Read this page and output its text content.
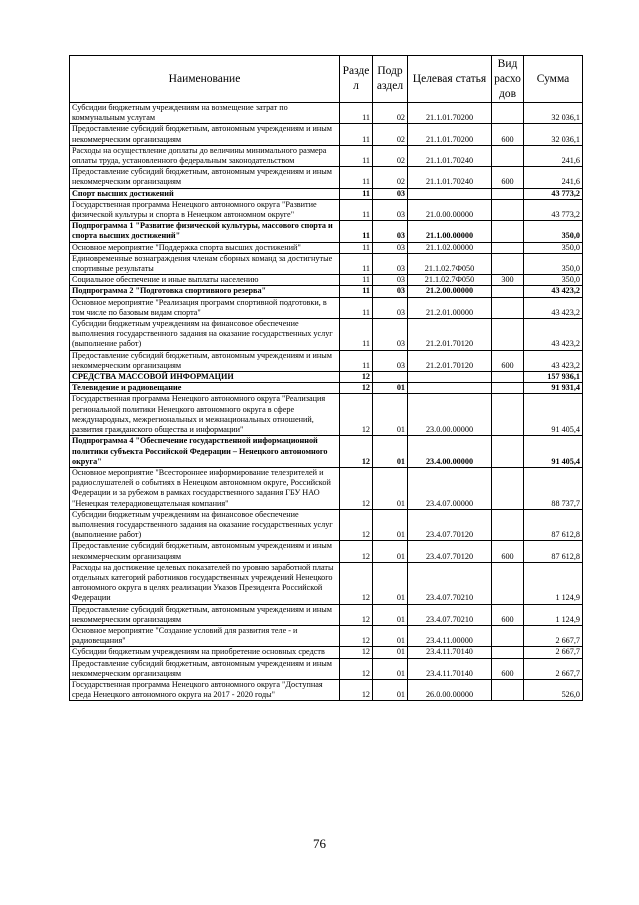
Наименование	Разде л	Подр аздел	Целевая статья	Вид расхо дов	Сумма
Субсидии бюджетным учреждениям на возмещение затрат по коммунальным услугам	11	02	21.1.01.70200		32 036,1
Предоставление субсидий бюджетным, автономным учреждениям и иным некоммерческим организациям	11	02	21.1.01.70200	600	32 036,1
Расходы на осуществление доплаты до величины минимального размера оплаты труда, установленного федеральным законодательством	11	02	21.1.01.70240		241,6
Предоставление субсидий бюджетным, автономным учреждениям и иным некоммерческим организациям	11	02	21.1.01.70240	600	241,6
Спорт высших достижений	11	03			43 773,2
Государственная программа Ненецкого автономного округа "Развитие физической культуры и спорта в Ненецком автономном округе"	11	03	21.0.00.00000		43 773,2
Подпрограмма 1 "Развитие физической культуры, массового спорта и спорта высших достижений"	11	03	21.1.00.00000		350,0
Основное мероприятие "Поддержка спорта высших достижений"	11	03	21.1.02.00000		350,0
Единовременные вознаграждения членам сборных команд за достигнутые спортивные результаты	11	03	21.1.02.7Ф050		350,0
Социальное обеспечение и иные выплаты населению	11	03	21.1.02.7Ф050	300	350,0
Подпрограмма 2 "Подготовка спортивного резерва"	11	03	21.2.00.00000		43 423,2
Основное мероприятие "Реализация программ спортивной подготовки, в том числе по базовым видам спорта"	11	03	21.2.01.00000		43 423,2
Субсидии бюджетным учреждениям на финансовое обеспечение выполнения государственного задания на оказание государственных услуг (выполнение работ)	11	03	21.2.01.70120		43 423,2
Предоставление субсидий бюджетным, автономным учреждениям и иным некоммерческим организациям	11	03	21.2.01.70120	600	43 423,2
СРЕДСТВА МАССОВОЙ ИНФОРМАЦИИ	12				157 936,1
Телевидение и радиовещание	12	01			91 931,4
Государственная программа Ненецкого автономного округа "Реализация региональной политики Ненецкого автономного округа в сфере международных, межрегиональных и межнациональных отношений, развития гражданского общества и информации"	12	01	23.0.00.00000		91 405,4
Подпрограмма 4 "Обеспечение государственной информационной политики субъекта Российской Федерации – Ненецкого автономного округа"	12	01	23.4.00.00000		91 405,4
Основное мероприятие "Всестороннее информирование телезрителей и радиослушателей о событиях в Ненецком автономном округе, Российской Федерации и за рубежом в рамках государственного задания ГБУ НАО "Ненецкая телерадиовещательная компания"	12	01	23.4.07.00000		88 737,7
Субсидии бюджетным учреждениям на финансовое обеспечение выполнения государственного задания на оказание государственных услуг (выполнение работ)	12	01	23.4.07.70120		87 612,8
Предоставление субсидий бюджетным, автономным учреждениям и иным некоммерческим организациям	12	01	23.4.07.70120	600	87 612,8
Расходы на достижение целевых показателей по уровню заработной платы отдельных категорий работников государственных учреждений Ненецкого автономного округа в целях реализации Указов Президента Российской Федерации	12	01	23.4.07.70210		1 124,9
Предоставление субсидий бюджетным, автономным учреждениям и иным некоммерческим организациям	12	01	23.4.07.70210	600	1 124,9
Основное мероприятие "Создание условий для развития теле - и радиовещания"	12	01	23.4.11.00000		2 667,7
Субсидии бюджетным учреждениям на приобретение основных средств	12	01	23.4.11.70140		2 667,7
Предоставление субсидий бюджетным, автономным учреждениям и иным некоммерческим организациям	12	01	23.4.11.70140	600	2 667,7
Государственная программа Ненецкого автономного округа "Доступная среда Ненецкого автономного округа на 2017 - 2020 годы"	12	01	26.0.00.00000		526,0
76
